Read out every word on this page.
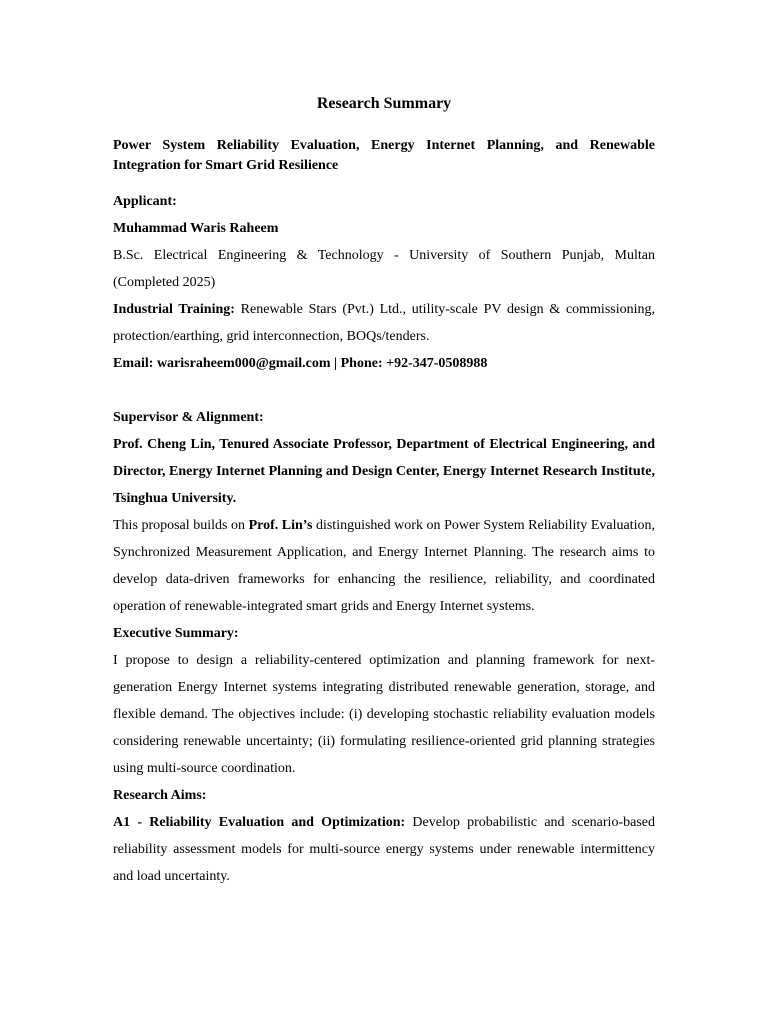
Research Summary

Power System Reliability Evaluation, Energy Internet Planning, and Renewable Integration for Smart Grid Resilience

Applicant:

Muhammad Waris Raheem

B.Sc. Electrical Engineering & Technology - University of Southern Punjab, Multan (Completed 2025)

Industrial Training: Renewable Stars (Pvt.) Ltd., utility-scale PV design & commissioning, protection/earthing, grid interconnection, BOQs/tenders.

Email: warisraheem000@gmail.com | Phone: +92-347-0508988

Supervisor & Alignment:

Prof. Cheng Lin, Tenured Associate Professor, Department of Electrical Engineering, and Director, Energy Internet Planning and Design Center, Energy Internet Research Institute, Tsinghua University.

This proposal builds on Prof. Lin’s distinguished work on Power System Reliability Evaluation, Synchronized Measurement Application, and Energy Internet Planning. The research aims to develop data-driven frameworks for enhancing the resilience, reliability, and coordinated operation of renewable-integrated smart grids and Energy Internet systems.

Executive Summary:

I propose to design a reliability-centered optimization and planning framework for next-generation Energy Internet systems integrating distributed renewable generation, storage, and flexible demand. The objectives include: (i) developing stochastic reliability evaluation models considering renewable uncertainty; (ii) formulating resilience-oriented grid planning strategies using multi-source coordination.

Research Aims:

A1 - Reliability Evaluation and Optimization: Develop probabilistic and scenario-based reliability assessment models for multi-source energy systems under renewable intermittency and load uncertainty.
